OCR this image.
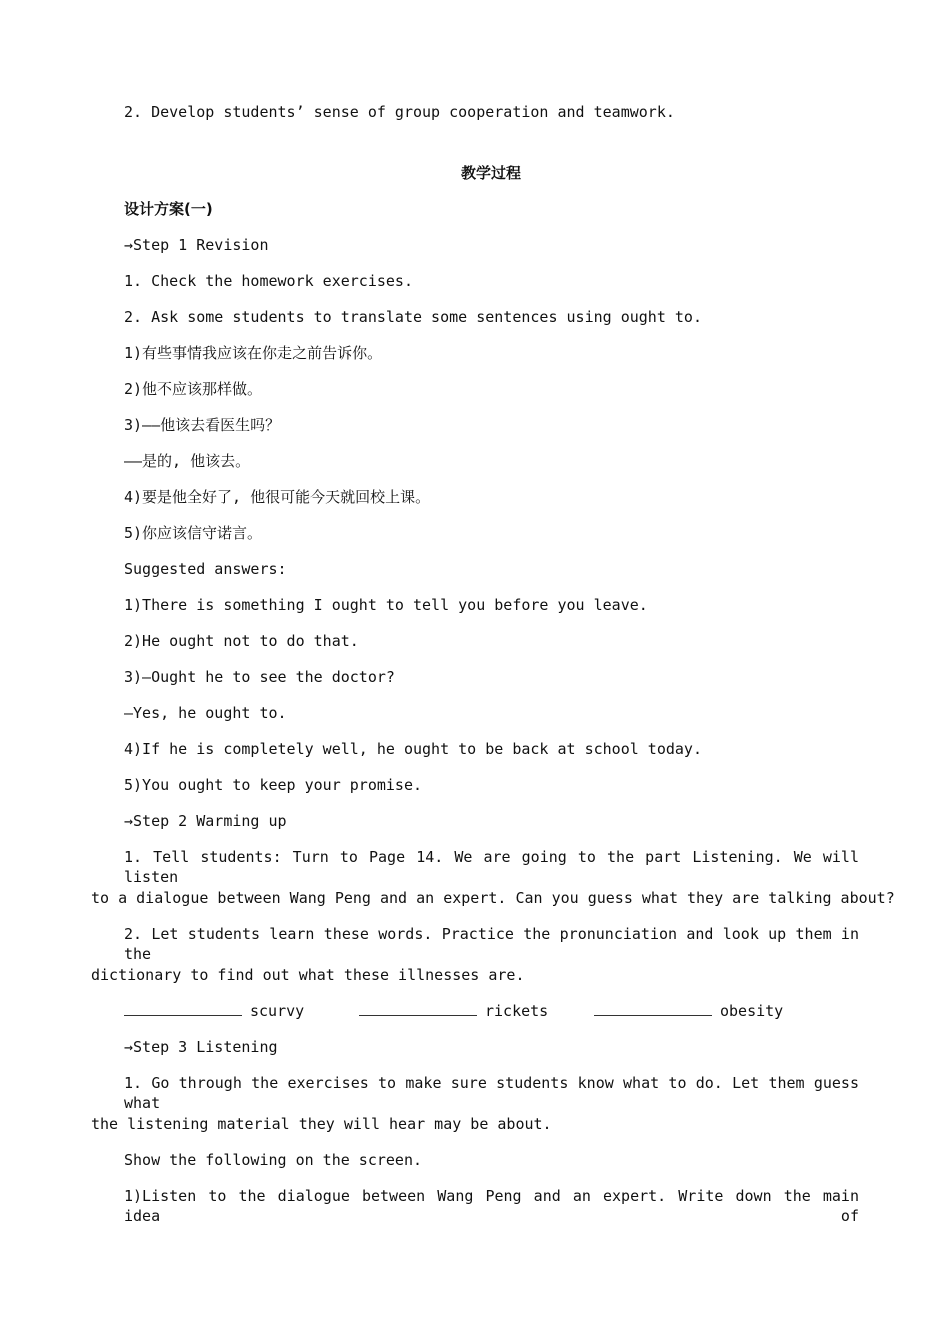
2. Develop students’ sense of group cooperation and teamwork.
教学过程
设计方案(一)
→Step 1 Revision
1. Check the homework exercises.
2. Ask some students to translate some sentences using ought to.
1)有些事情我应该在你走之前告诉你。
2)他不应该那样做。
3)——他该去看医生吗？
——是的, 他该去。
4)要是他全好了, 他很可能今天就回校上课。
5)你应该信守诺言。
Suggested answers:
1)There is something I ought to tell you before you leave.
2)He ought not to do that.
3)—Ought he to see the doctor?
—Yes, he ought to.
4)If he is completely well, he ought to be back at school today.
5)You ought to keep your promise.
→Step 2 Warming up
1. Tell students: Turn to Page 14. We are going to the part Listening. We will listen
to a dialogue between Wang Peng and an expert. Can you guess what they are talking about?
2. Let students learn these words. Practice the pronunciation and look up them in the
dictionary to find out what these illnesses are.
scurvy	rickets	obesity
→Step 3 Listening
1. Go through the exercises to make sure students know what to do. Let them guess what
the listening material they will hear may be about.
Show the following on the screen.
1)Listen to the dialogue between Wang Peng and an expert. Write down the main idea of
